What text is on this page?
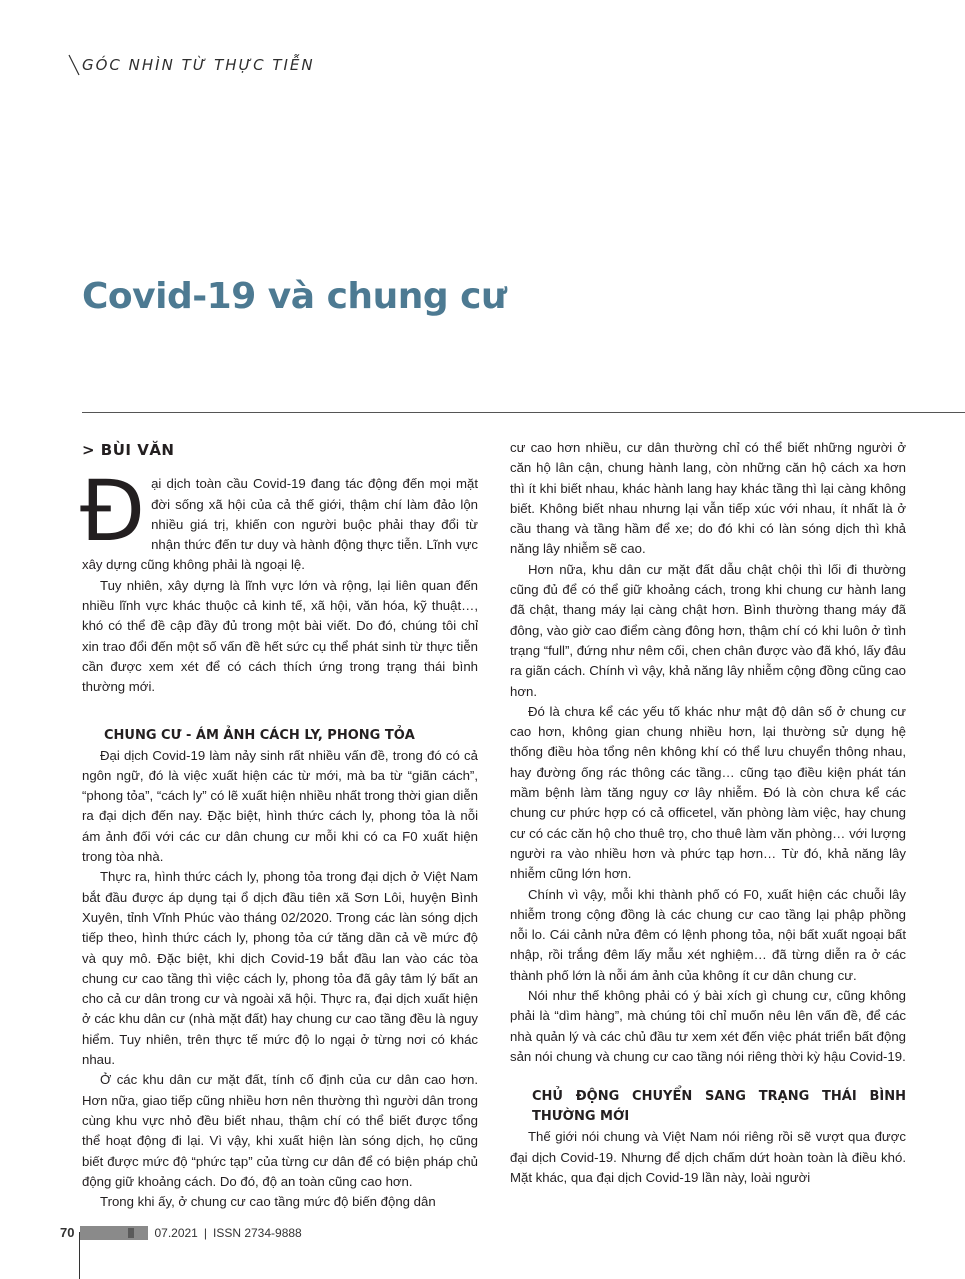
GÓC NHÌN TỪ THỰC TIỄN
Covid-19 và chung cư
> BÙI VĂN

Đại dịch toàn cầu Covid-19 đang tác động đến mọi mặt đời sống xã hội của cả thế giới, thậm chí làm đảo lộn nhiều giá trị, khiến con người buộc phải thay đổi từ nhận thức đến tư duy và hành động thực tiễn. Lĩnh vực xây dựng cũng không phải là ngoại lệ.

Tuy nhiên, xây dựng là lĩnh vực lớn và rộng, lại liên quan đến nhiều lĩnh vực khác thuộc cả kinh tế, xã hội, văn hóa, kỹ thuật…, khó có thể đề cập đầy đủ trong một bài viết. Do đó, chúng tôi chỉ xin trao đổi đến một số vấn đề hết sức cụ thể phát sinh từ thực tiễn cần được xem xét để có cách thích ứng trong trạng thái bình thường mới.

CHUNG CƯ - ÁM ẢNH CÁCH LY, PHONG TỎA

Đại dịch Covid-19 làm nảy sinh rất nhiều vấn đề, trong đó có cả ngôn ngữ, đó là việc xuất hiện các từ mới, mà ba từ “giãn cách”, “phong tỏa”, “cách ly” có lẽ xuất hiện nhiều nhất trong thời gian diễn ra đại dịch đến nay. Đặc biệt, hình thức cách ly, phong tỏa là nỗi ám ảnh đối với các cư dân chung cư mỗi khi có ca F0 xuất hiện trong tòa nhà.

Thực ra, hình thức cách ly, phong tỏa trong đại dịch ở Việt Nam bắt đầu được áp dụng tại ổ dịch đầu tiên xã Sơn Lôi, huyện Bình Xuyên, tỉnh Vĩnh Phúc vào tháng 02/2020. Trong các làn sóng dịch tiếp theo, hình thức cách ly, phong tỏa cứ tăng dần cả về mức độ và quy mô. Đặc biệt, khi dịch Covid-19 bắt đầu lan vào các tòa chung cư cao tầng thì việc cách ly, phong tỏa đã gây tâm lý bất an cho cả cư dân trong cư và ngoài xã hội. Thực ra, đại dịch xuất hiện ở các khu dân cư (nhà mặt đất) hay chung cư cao tầng đều là nguy hiểm. Tuy nhiên, trên thực tế mức độ lo ngại ở từng nơi có khác nhau.

Ở các khu dân cư mặt đất, tính cố định của cư dân cao hơn. Hơn nữa, giao tiếp cũng nhiều hơn nên thường thì người dân trong cùng khu vực nhỏ đều biết nhau, thậm chí có thể biết được tổng thể hoạt động đi lại. Vì vậy, khi xuất hiện làn sóng dịch, họ cũng biết được mức độ “phức tạp” của từng cư dân để có biện pháp chủ động giữ khoảng cách. Do đó, độ an toàn cũng cao hơn.

Trong khi ấy, ở chung cư cao tầng mức độ biến động dân

cư cao hơn nhiều, cư dân thường chỉ có thể biết những người ở căn hộ lân cận, chung hành lang, còn những căn hộ cách xa hơn thì ít khi biết nhau, khác hành lang hay khác tầng thì lại càng không biết. Không biết nhau nhưng lại vẫn tiếp xúc với nhau, ít nhất là ở cầu thang và tầng hầm để xe; do đó khi có làn sóng dịch thì khả năng lây nhiễm sẽ cao.

Hơn nữa, khu dân cư mặt đất dẫu chật chội thì lối đi thường cũng đủ để có thể giữ khoảng cách, trong khi chung cư hành lang đã chật, thang máy lại càng chật hơn. Bình thường thang máy đã đông, vào giờ cao điểm càng đông hơn, thậm chí có khi luôn ở tình trạng “full”, đứng như nêm cối, chen chân được vào đã khó, lấy đâu ra giãn cách. Chính vì vậy, khả năng lây nhiễm cộng đồng cũng cao hơn.

Đó là chưa kể các yếu tố khác như mật độ dân số ở chung cư cao hơn, không gian chung nhiều hơn, lại thường sử dụng hệ thống điều hòa tổng nên không khí có thể lưu chuyển thông nhau, hay đường ống rác thông các tầng… cũng tạo điều kiện phát tán mầm bệnh làm tăng nguy cơ lây nhiễm. Đó là còn chưa kể các chung cư phức hợp có cả officetel, văn phòng làm việc, hay chung cư có các căn hộ cho thuê trọ, cho thuê làm văn phòng… với lượng người ra vào nhiều hơn và phức tạp hơn… Từ đó, khả năng lây nhiễm cũng lớn hơn.

Chính vì vậy, mỗi khi thành phố có F0, xuất hiện các chuỗi lây nhiễm trong cộng đồng là các chung cư cao tầng lại phập phồng nỗi lo. Cái cảnh nửa đêm có lệnh phong tỏa, nội bất xuất ngoại bất nhập, rồi trắng đêm lấy mẫu xét nghiệm… đã từng diễn ra ở các thành phố lớn là nỗi ám ảnh của không ít cư dân chung cư.

Nói như thế không phải có ý bài xích gì chung cư, cũng không phải là “dìm hàng”, mà chúng tôi chỉ muốn nêu lên vấn đề, để các nhà quản lý và các chủ đầu tư xem xét đến việc phát triển bất động sản nói chung và chung cư cao tầng nói riêng thời kỳ hậu Covid-19.

CHỦ ĐỘNG CHUYỂN SANG TRẠNG THÁI BÌNH THƯỜNG MỚI

Thế giới nói chung và Việt Nam nói riêng rồi sẽ vượt qua được đại dịch Covid-19. Nhưng để dịch chấm dứt hoàn toàn là điều khó. Mặt khác, qua đại dịch Covid-19 lần này, loài người

70	07.2021 | ISSN 2734-9888
